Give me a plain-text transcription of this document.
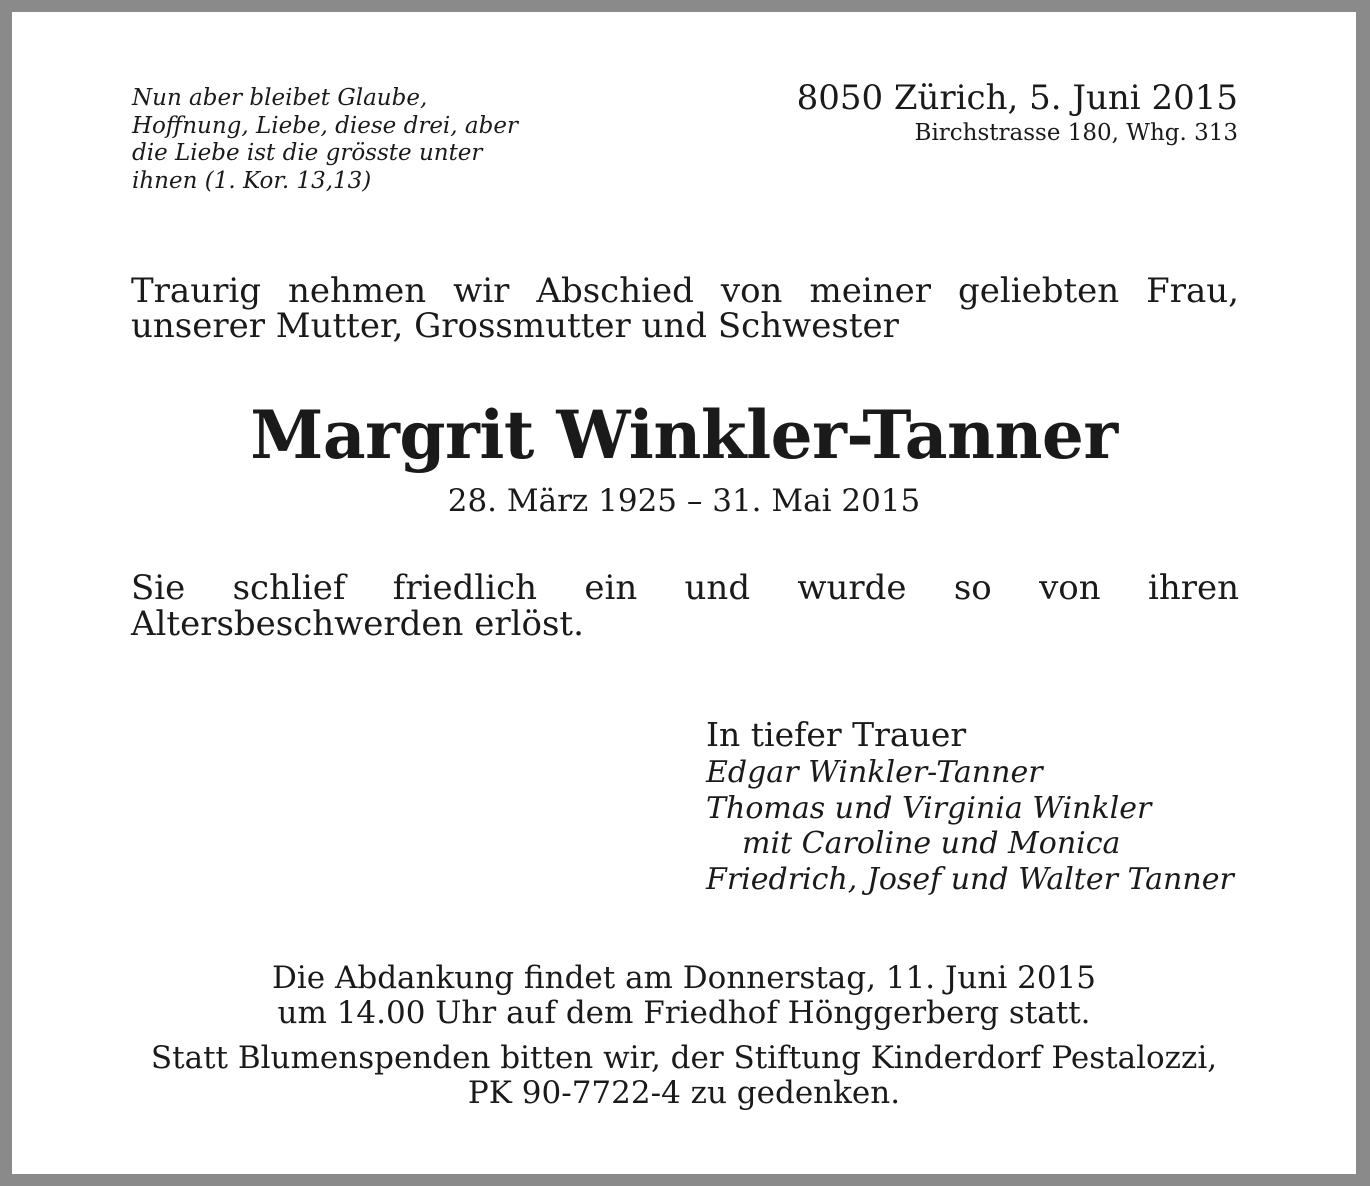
Nun aber bleibet Glaube,
Hoffnung, Liebe, diese drei, aber
die Liebe ist die grösste unter
ihnen (1. Kor. 13,13)
8050 Zürich, 5. Juni 2015
Birchstrasse 180, Whg. 313
Traurig nehmen wir Abschied von meiner geliebten Frau, unserer Mutter, Grossmutter und Schwester
Margrit Winkler-Tanner
28. März 1925 – 31. Mai 2015
Sie schlief friedlich ein und wurde so von ihren Altersbeschwerden erlöst.
In tiefer Trauer
Edgar Winkler-Tanner
Thomas und Virginia Winkler
mit Caroline und Monica
Friedrich, Josef und Walter Tanner
Die Abdankung findet am Donnerstag, 11. Juni 2015
um 14.00 Uhr auf dem Friedhof Hönggerberg statt.
Statt Blumenspenden bitten wir, der Stiftung Kinderdorf Pestalozzi,
PK 90-7722-4 zu gedenken.
